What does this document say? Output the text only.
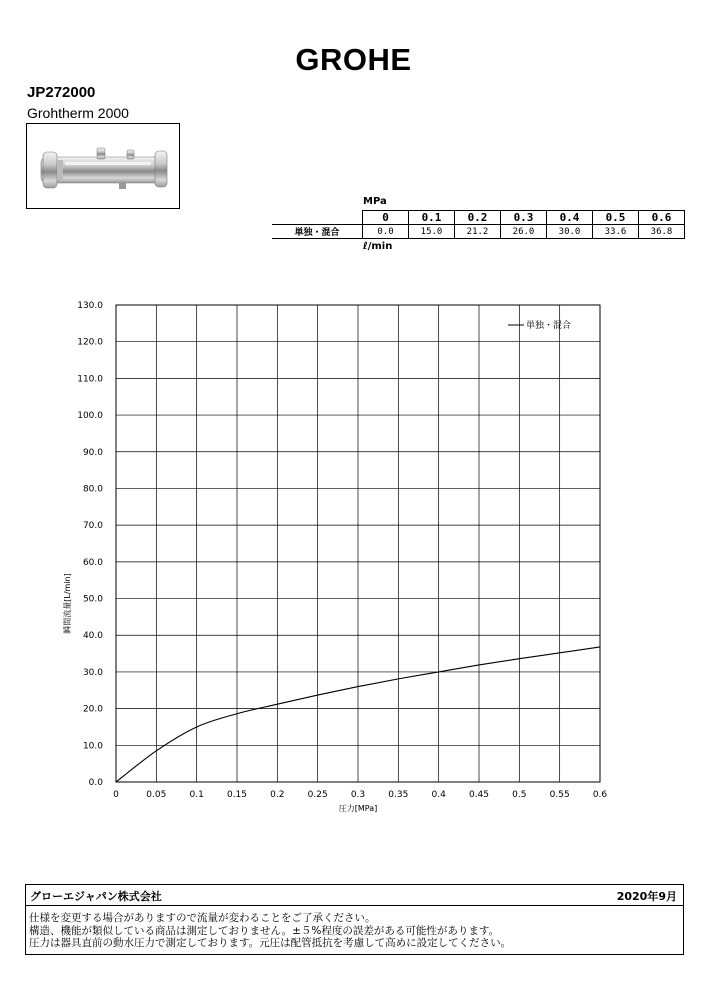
GROHE
JP272000
Grohtherm 2000
MPa
	0	0.1	0.2	0.3	0.4	0.5	0.6
単独・混合	0.0	15.0	21.2	26.0	30.0	33.6	36.8
ℓ/min
0	0.05	0.1	0.15	0.2	0.25	0.3	0.35	0.4	0.45	0.5	0.55	0.6
0.0
10.0
20.0
30.0
40.0
50.0
60.0
70.0
80.0
90.0
100.0
110.0
120.0
130.0
圧力[MPa]
瞬間流量[L/min]
単独・混合
グローエジャパン株式会社	2020年9月
仕様を変更する場合がありますので流量が変わることをご了承ください。
構造、機能が類似している商品は測定しておりません。±５%程度の誤差がある可能性があります。
圧力は器具直前の動水圧力で測定しております。元圧は配管抵抗を考慮して高めに設定してください。
